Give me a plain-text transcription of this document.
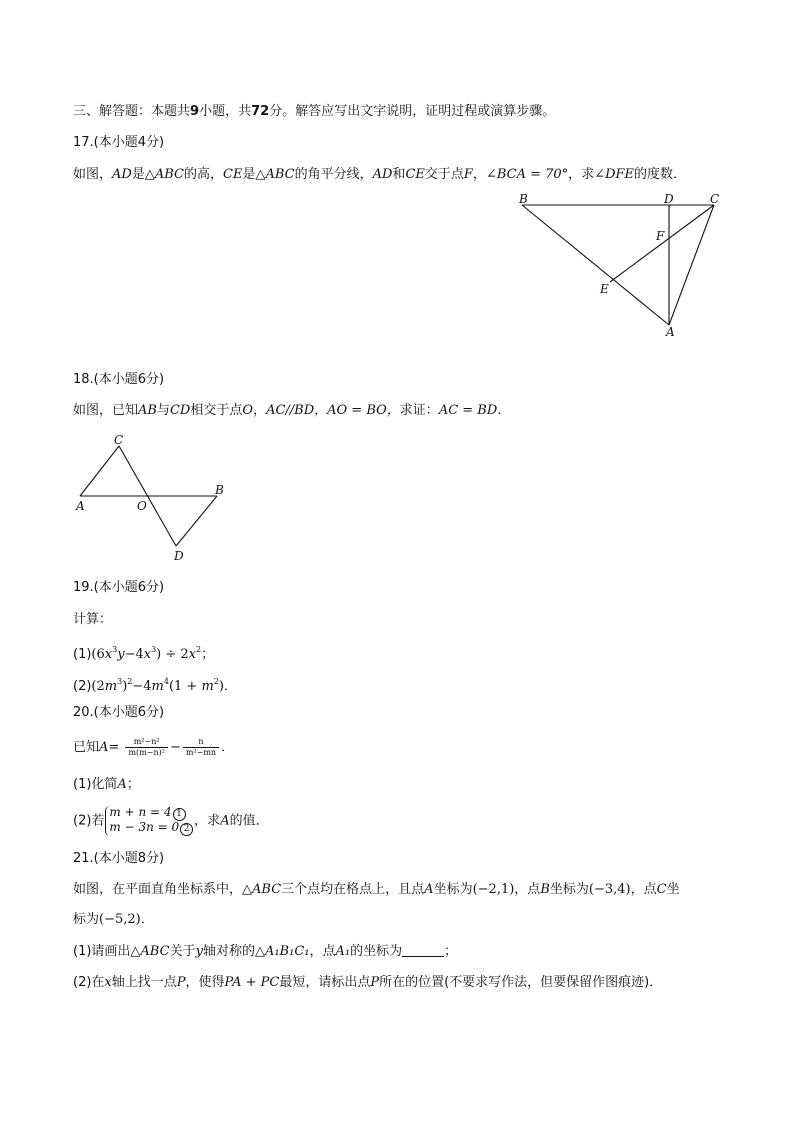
三、解答题：本题共9小题，共72分。解答应写出文字说明，证明过程或演算步骤。
17.(本小题4分)
如图，AD是△ABC的高，CE是△ABC的角平分线，AD和CE交于点F，∠BCA = 70°，求∠DFE的度数．
B	D	C
F
E
A
18.(本小题6分)
如图，已知AB与CD相交于点O，AC//BD，AO = BO，求证：AC = BD．
C
A	O
B
D
19.(本小题6分)
计算：
$(1)(6x^3y-4x^3) \div 2x^2$；
$(2)(2m^3)^2-4m^4(1 + m^2)$．
20.(本小题6分)
已知$A= \frac{\text{m²−n²}}{\text{m(m−n)²}} - \frac{n}{\text{m²−mn}}$ ．
(1)化简A；
(2)若
m + n = 4 1
m − 3n = 0 2
，求A的值．
21.(本小题8分)
如图，在平面直角坐标系中，△ABC三个点均在格点上，且点A坐标为(−2,1)，点B坐标为(−3,4)，点C坐
标为(−5,2)．
(1)请画出△ABC关于y轴对称的△A₁B₁C₁，点A₁的坐标为	；
(2)在x轴上找一点P，使得PA + PC最短，请标出点P所在的位置(不要求写作法，但要保留作图痕迹)．
